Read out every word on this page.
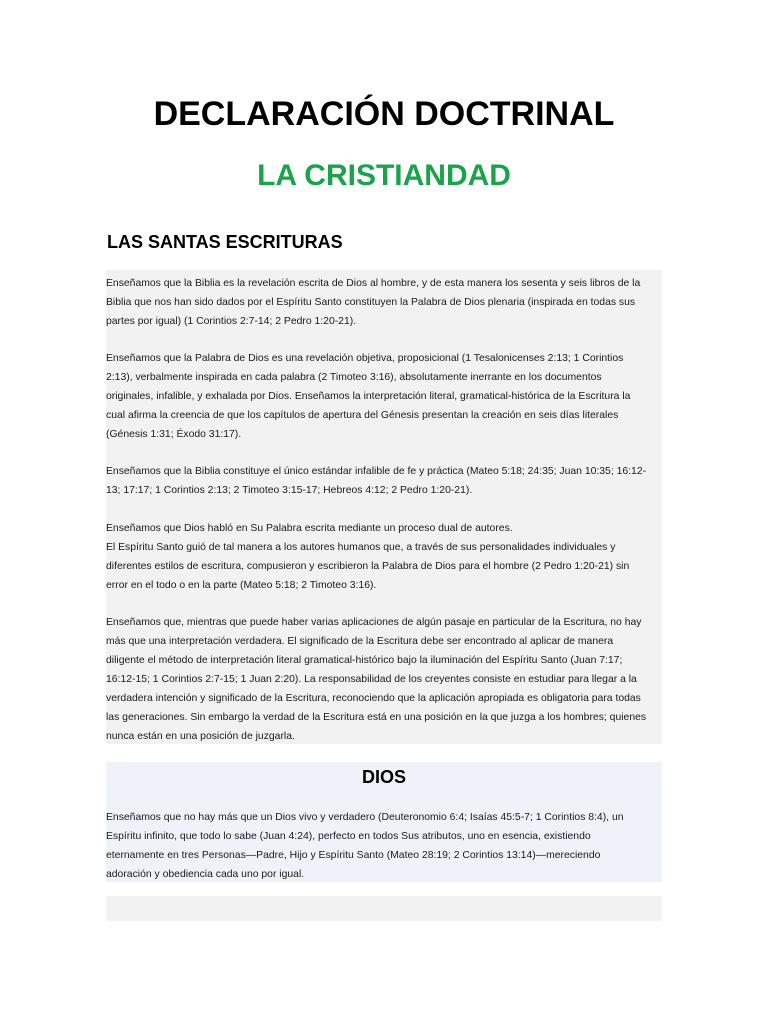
DECLARACIÓN DOCTRINAL
LA CRISTIANDAD
LAS SANTAS ESCRITURAS

Enseñamos que la Biblia es la revelación escrita de Dios al hombre, y de esta manera los sesenta y seis libros de la
Biblia que nos han sido dados por el Espíritu Santo constituyen la Palabra de Dios plenaria (inspirada en todas sus
partes por igual) (1 Corintios 2:7-14; 2 Pedro 1:20-21).

Enseñamos que la Palabra de Dios es una revelación objetiva, proposicional (1 Tesalonicenses 2:13; 1 Corintios
2:13), verbalmente inspirada en cada palabra (2 Timoteo 3:16), absolutamente inerrante en los documentos
originales, infalible, y exhalada por Dios. Enseñamos la interpretación literal, gramatical-histórica de la Escritura la
cual afirma la creencia de que los capítulos de apertura del Génesis presentan la creación en seis días literales
(Génesis 1:31; Éxodo 31:17).

Enseñamos que la Biblia constituye el único estándar infalible de fe y práctica (Mateo 5:18; 24:35; Juan 10:35; 16:12-
13; 17:17; 1 Corintios 2:13; 2 Timoteo 3:15-17; Hebreos 4:12; 2 Pedro 1:20-21).

Enseñamos que Dios habló en Su Palabra escrita mediante un proceso dual de autores.
El Espíritu Santo guió de tal manera a los autores humanos que, a través de sus personalidades individuales y
diferentes estilos de escritura, compusieron y escribieron la Palabra de Dios para el hombre (2 Pedro 1:20-21) sin
error en el todo o en la parte (Mateo 5:18; 2 Timoteo 3:16).

Enseñamos que, mientras que puede haber varias aplicaciones de algún pasaje en particular de la Escritura, no hay
más que una interpretación verdadera. El significado de la Escritura debe ser encontrado al aplicar de manera
diligente el método de interpretación literal gramatical-histórico bajo la iluminación del Espíritu Santo (Juan 7:17;
16:12-15; 1 Corintios 2:7-15; 1 Juan 2:20). La responsabilidad de los creyentes consiste en estudiar para llegar a la
verdadera intención y significado de la Escritura, reconociendo que la aplicación apropiada es obligatoria para todas
las generaciones. Sin embargo la verdad de la Escritura está en una posición en la que juzga a los hombres; quienes
nunca están en una posición de juzgarla.

DIOS

Enseñamos que no hay más que un Dios vivo y verdadero (Deuteronomio 6:4; Isaías 45:5-7; 1 Corintios 8:4), un
Espíritu infinito, que todo lo sabe (Juan 4:24), perfecto en todos Sus atributos, uno en esencia, existiendo
eternamente en tres Personas—Padre, Hijo y Espíritu Santo (Mateo 28:19; 2 Corintios 13:14)—mereciendo
adoración y obediencia cada uno por igual.
